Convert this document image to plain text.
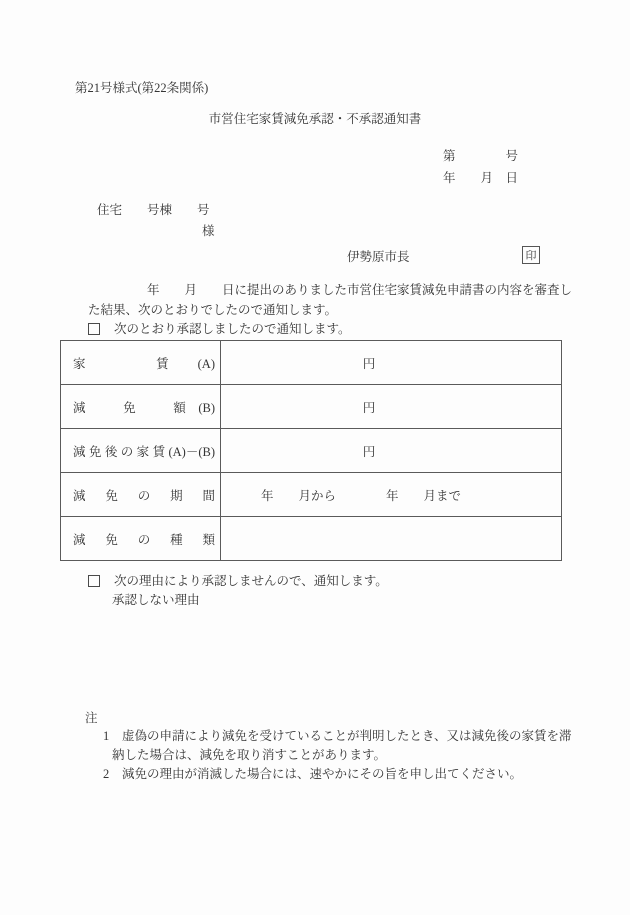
第21号様式(第22条関係)
市営住宅家賃減免承認・不承認通知書
第　　　　号
年　　月　日
住宅　　号棟　　号
様
伊勢原市長	印
年　　月　　日に提出のありました市営住宅家賃減免申請書の内容を審査し
た結果、次のとおりでしたので通知します。
次のとおり承認しましたので通知します。
家　賃(A)	円
減　免　額(B)	円
減免後の家賃(A)－(B)	円
減　免　の　期　間	年　　月から　　　　年　　月まで
減　免　の　種　類	
次の理由により承認しませんので、通知します。
承認しない理由
注
1 虚偽の申請により減免を受けていることが判明したとき、又は減免後の家賃を滞
納した場合は、減免を取り消すことがあります。
2 減免の理由が消滅した場合には、速やかにその旨を申し出てください。
